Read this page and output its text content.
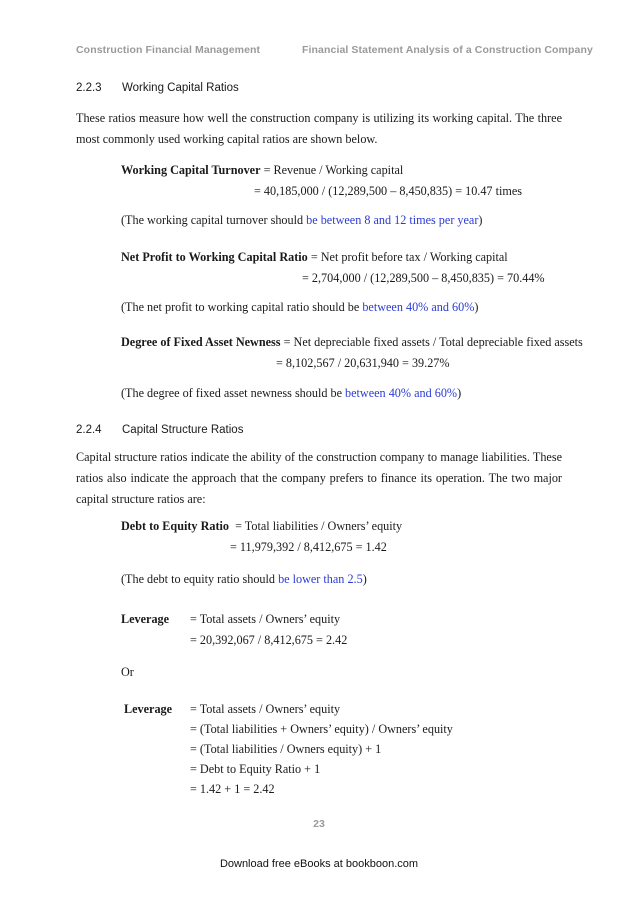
Construction Financial Management	Financial Statement Analysis of a Construction Company
2.2.3 Working Capital Ratios
These ratios measure how well the construction company is utilizing its working capital. The three most commonly used working capital ratios are shown below.
Working Capital Turnover = Revenue / Working capital
= 40,185,000 / (12,289,500 – 8,450,835) = 10.47 times
(The working capital turnover should be between 8 and 12 times per year)
Net Profit to Working Capital Ratio = Net profit before tax / Working capital
= 2,704,000 / (12,289,500 – 8,450,835) = 70.44%
(The net profit to working capital ratio should be between 40% and 60%)
Degree of Fixed Asset Newness = Net depreciable fixed assets / Total depreciable fixed assets
= 8,102,567 / 20,631,940 = 39.27%
(The degree of fixed asset newness should be between 40% and 60%)
2.2.4 Capital Structure Ratios
Capital structure ratios indicate the ability of the construction company to manage liabilities. These ratios also indicate the approach that the company prefers to finance its operation. The two major capital structure ratios are:
Debt to Equity Ratio  = Total liabilities / Owners’ equity
= 11,979,392 / 8,412,675 = 1.42
(The debt to equity ratio should be lower than 2.5)
Leverage = Total assets / Owners’ equity
= 20,392,067 / 8,412,675 = 2.42
Or
Leverage = Total assets / Owners’ equity
= (Total liabilities + Owners’ equity) / Owners’ equity
= (Total liabilities / Owners equity) + 1
= Debt to Equity Ratio + 1
= 1.42 + 1 = 2.42
23
Download free eBooks at bookboon.com
